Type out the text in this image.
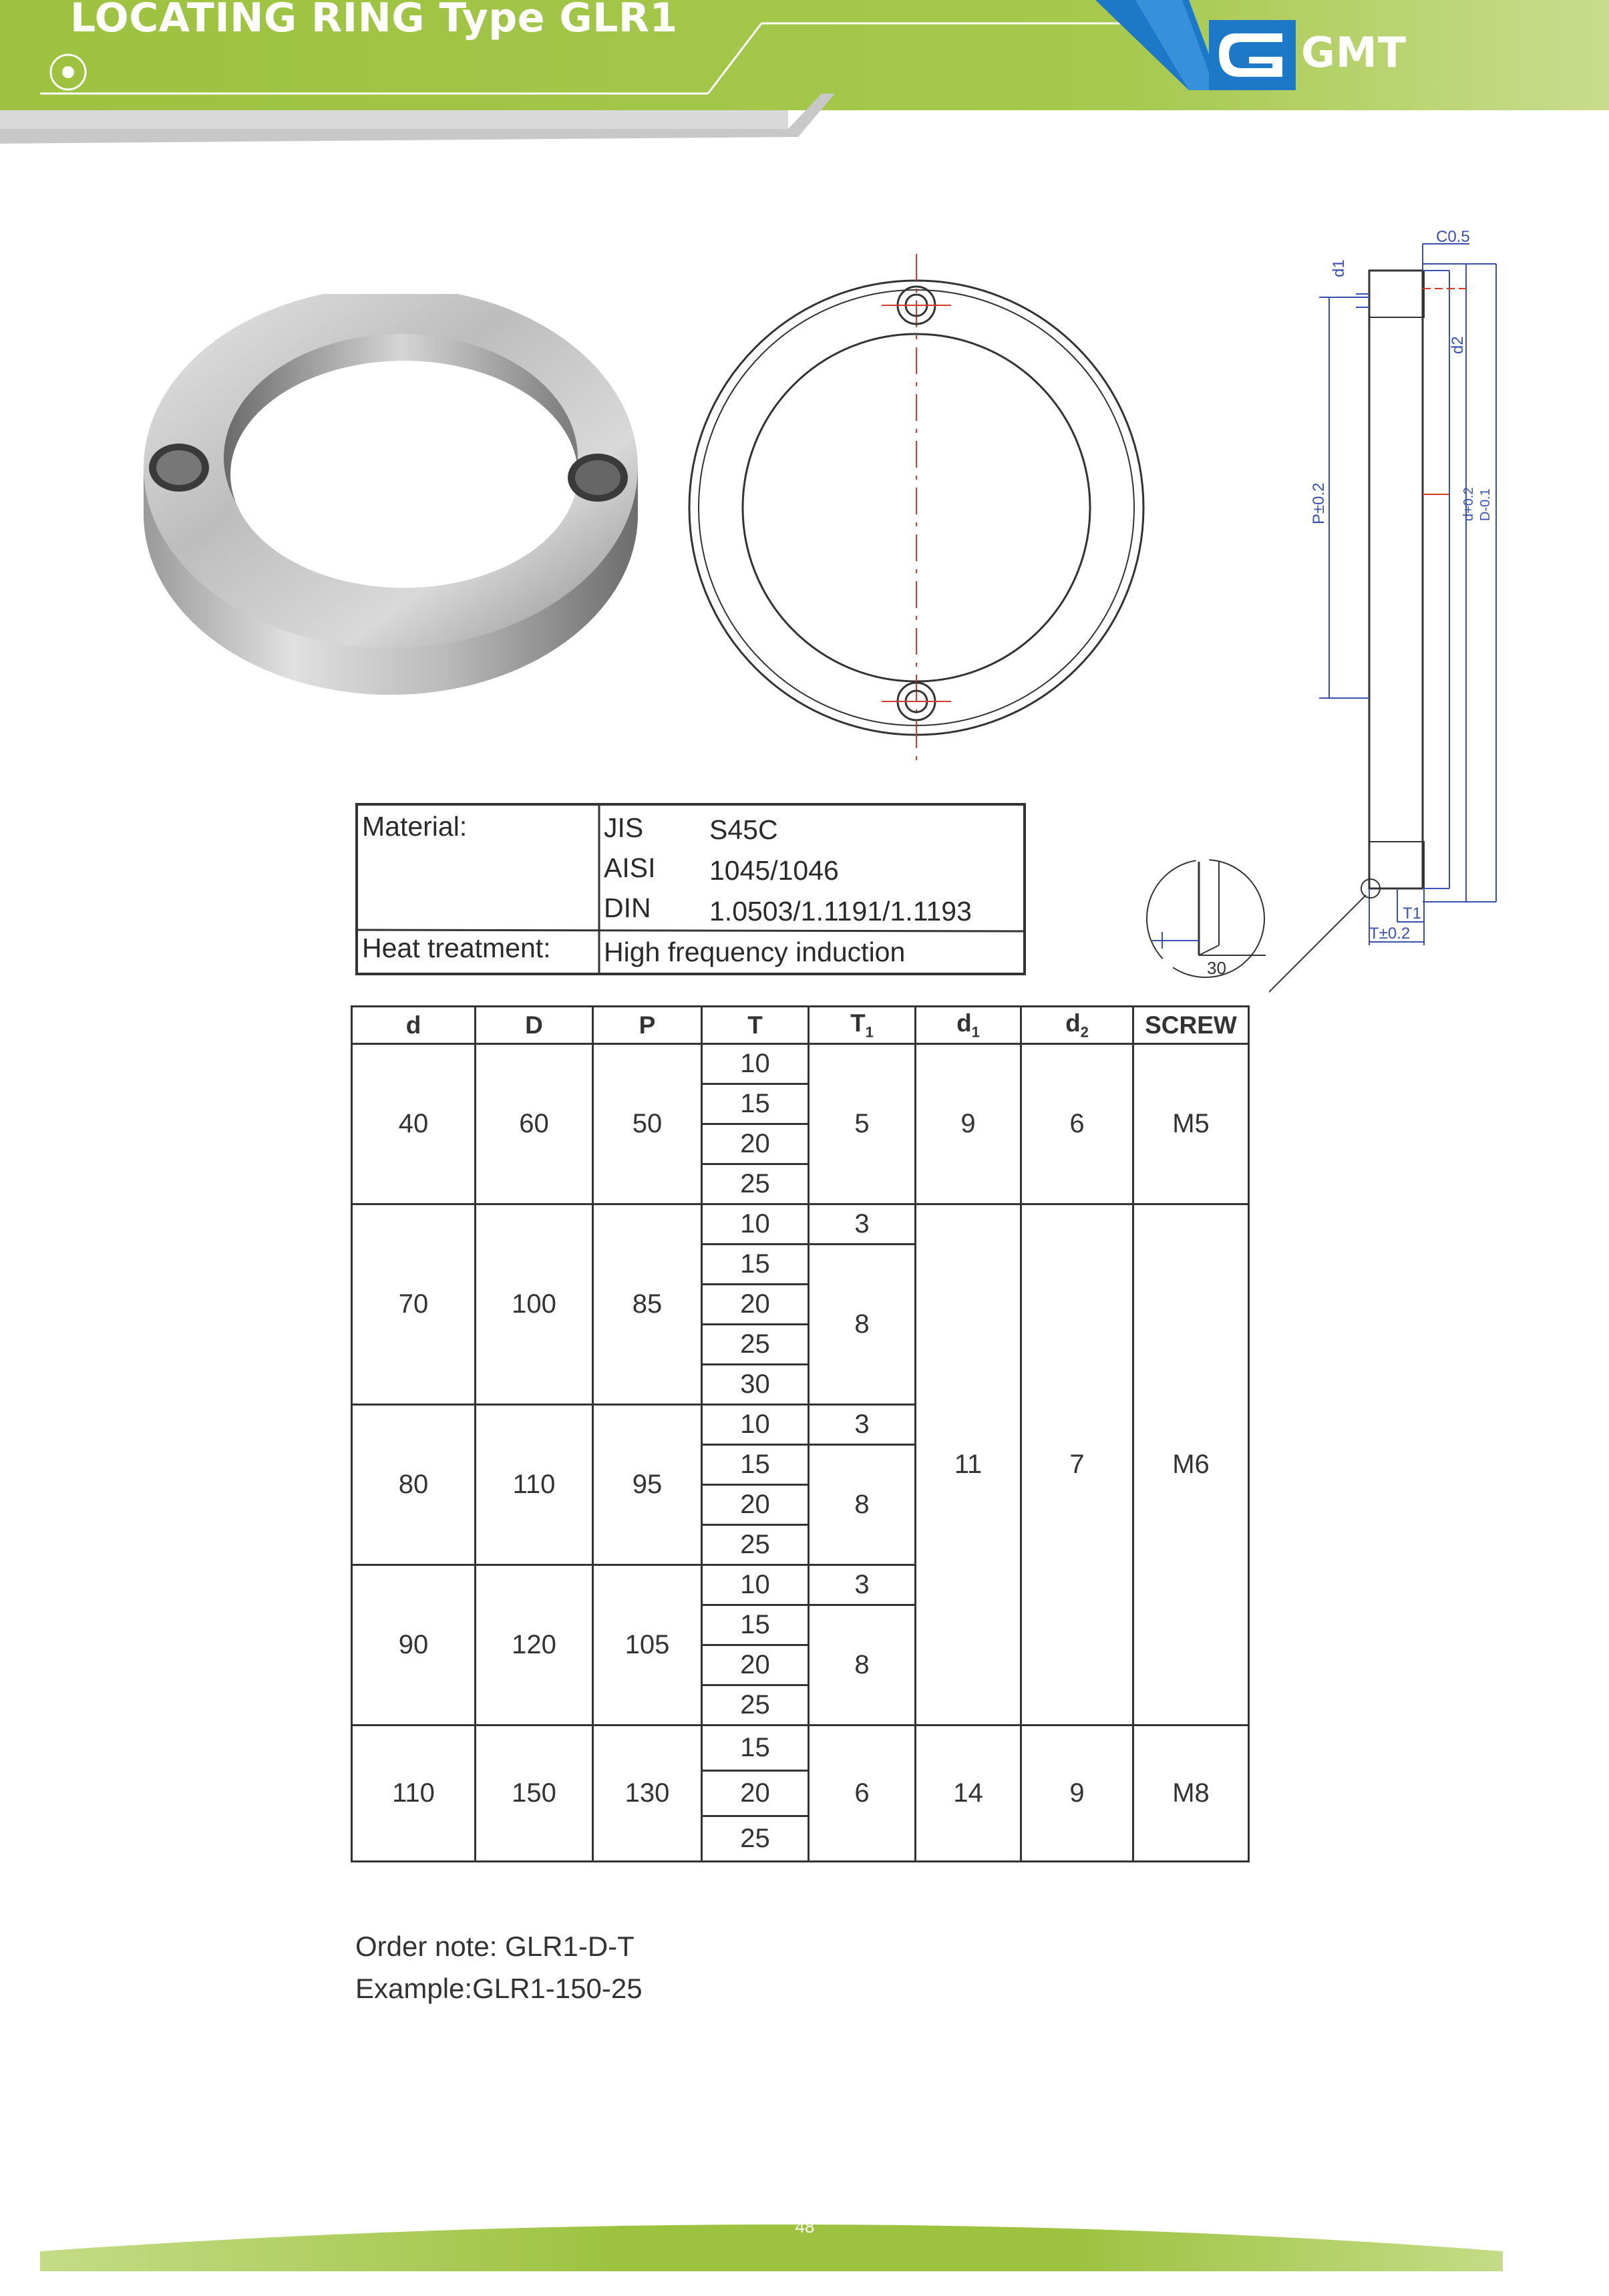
LOCATING RING Type GLR1
GMT
C0.5
d1
d2
P±0.2	d+0.2 D-0.1
T1
T±0.2
30
Material:
Heat treatment:
JIS S45C
AISI 1045/1046
DIN 1.0503/1.1191/1.1193
High frequency induction
d	D	P	T	$T_1$	$d_1$	$d_2$	SCREW
40	60	50	10	5	9	6	M5
			15				
			20				
			25				
70	100	85	10	3	11	7	M6
			15	8			
			20				
			25				
			30				
80	110	95	10	3			
			15	8			
			20				
			25				
90	120	105	10	3			
			15	8			
			20				
			25				
110	150	130	15	6	14	9	M8
			20				
			25				
Order note: GLR1-D-T
Example:GLR1-150-25
48
